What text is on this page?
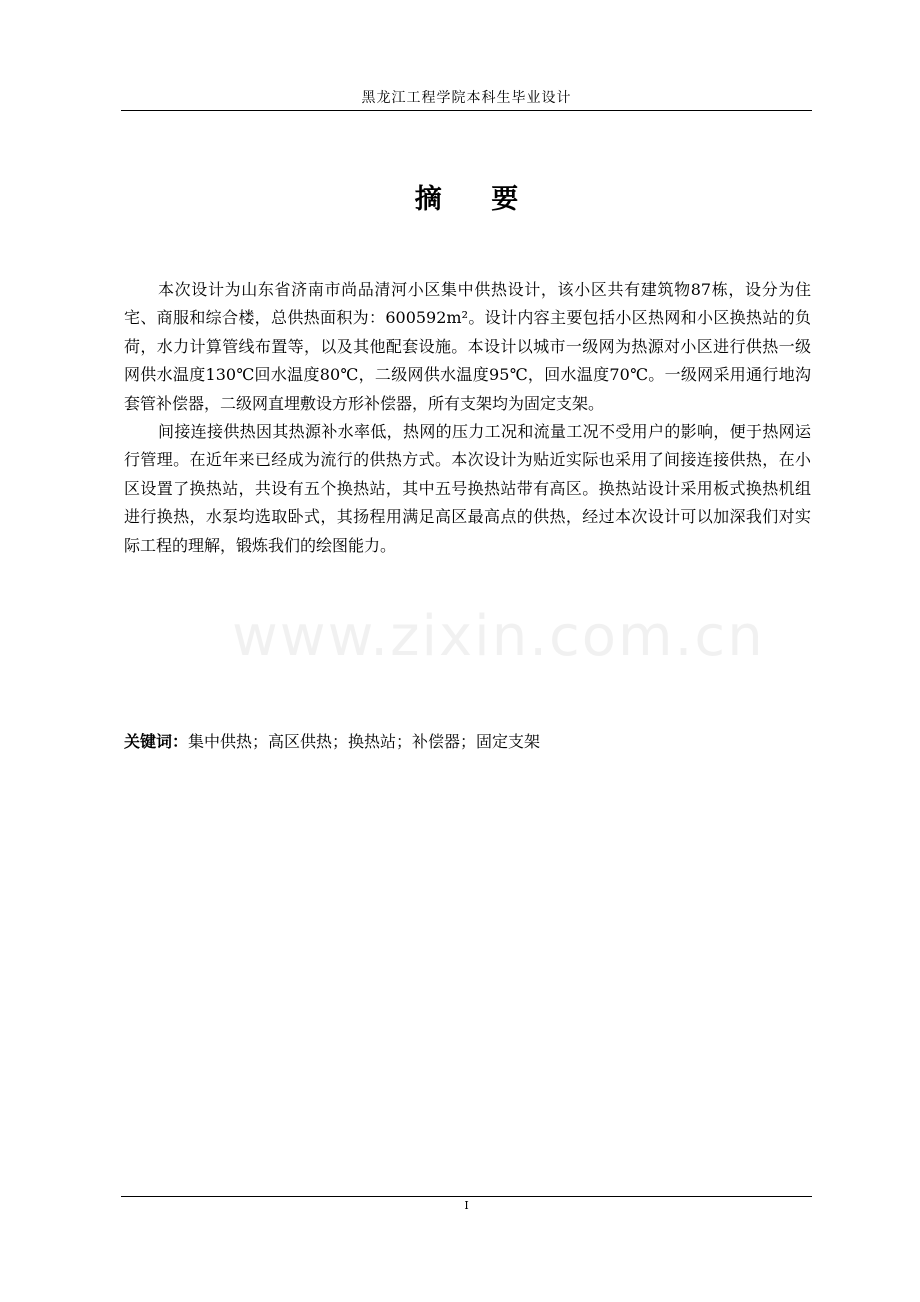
黑龙江工程学院本科生毕业设计
摘 要

本次设计为山东省济南市尚品清河小区集中供热设计，该小区共有建筑物87栋，设分为住宅、商服和综合楼，总供热面积为：600592m²。设计内容主要包括小区热网和小区换热站的负荷，水力计算管线布置等，以及其他配套设施。本设计以城市一级网为热源对小区进行供热一级网供水温度130℃回水温度80℃，二级网供水温度95℃，回水温度70℃。一级网采用通行地沟套管补偿器，二级网直埋敷设方形补偿器，所有支架均为固定支架。

间接连接供热因其热源补水率低，热网的压力工况和流量工况不受用户的影响，便于热网运行管理。在近年来已经成为流行的供热方式。本次设计为贴近实际也采用了间接连接供热，在小区设置了换热站，共设有五个换热站，其中五号换热站带有高区。换热站设计采用板式换热机组进行换热，水泵均选取卧式，其扬程用满足高区最高点的供热，经过本次设计可以加深我们对实际工程的理解，锻炼我们的绘图能力。

www.zixin.com.cn
关键词：集中供热；高区供热；换热站；补偿器；固定支架
I
